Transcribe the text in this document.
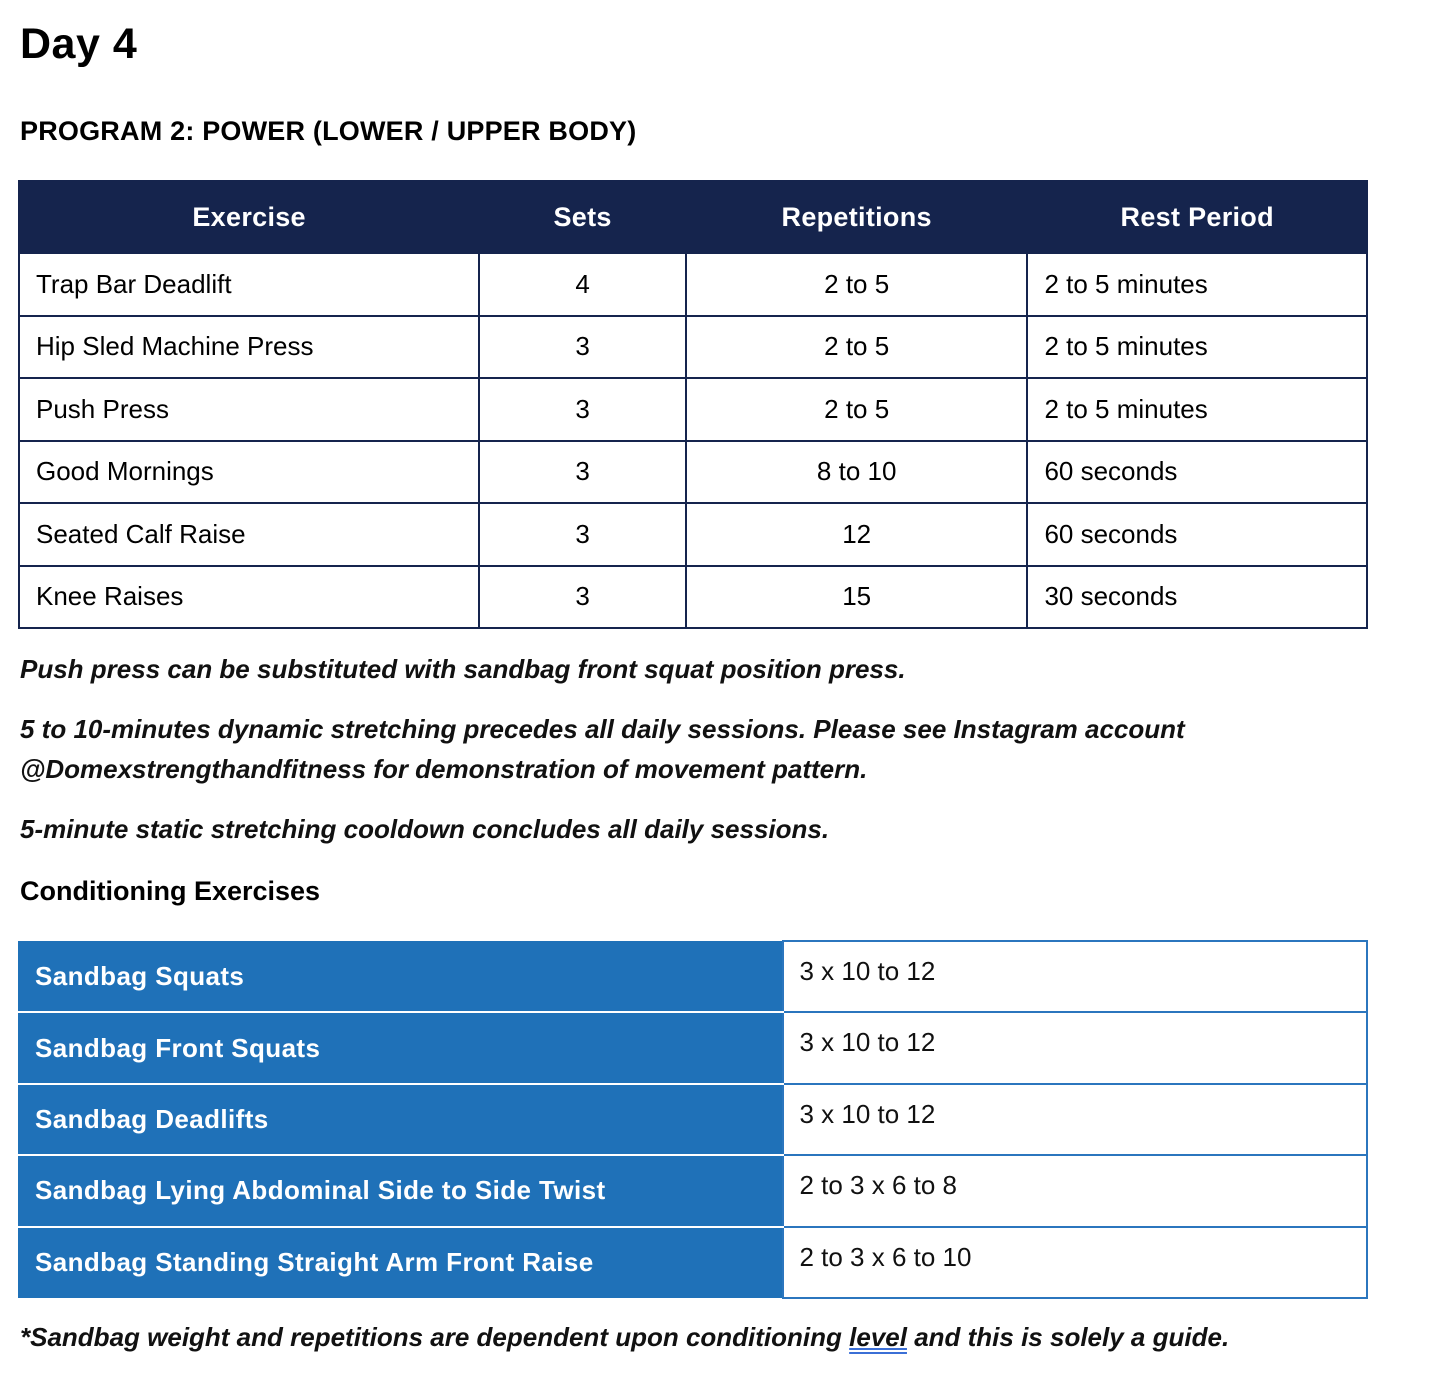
Day 4
PROGRAM 2: POWER (LOWER / UPPER BODY)
Exercise	Sets	Repetitions	Rest Period
Trap Bar Deadlift	4	2 to 5	2 to 5 minutes
Hip Sled Machine Press	3	2 to 5	2 to 5 minutes
Push Press	3	2 to 5	2 to 5 minutes
Good Mornings	3	8 to 10	60 seconds
Seated Calf Raise	3	12	60 seconds
Knee Raises	3	15	30 seconds

Push press can be substituted with sandbag front squat position press.

5 to 10-minutes dynamic stretching precedes all daily sessions. Please see Instagram account @Domexstrengthandfitness for demonstration of movement pattern.

5-minute static stretching cooldown concludes all daily sessions.

Conditioning Exercises
Sandbag Squats	3 x 10 to 12
Sandbag Front Squats	3 x 10 to 12
Sandbag Deadlifts	3 x 10 to 12
Sandbag Lying Abdominal Side to Side Twist	2 to 3 x 6 to 8
Sandbag Standing Straight Arm Front Raise	2 to 3 x 6 to 10

*Sandbag weight and repetitions are dependent upon conditioning level and this is solely a guide.
